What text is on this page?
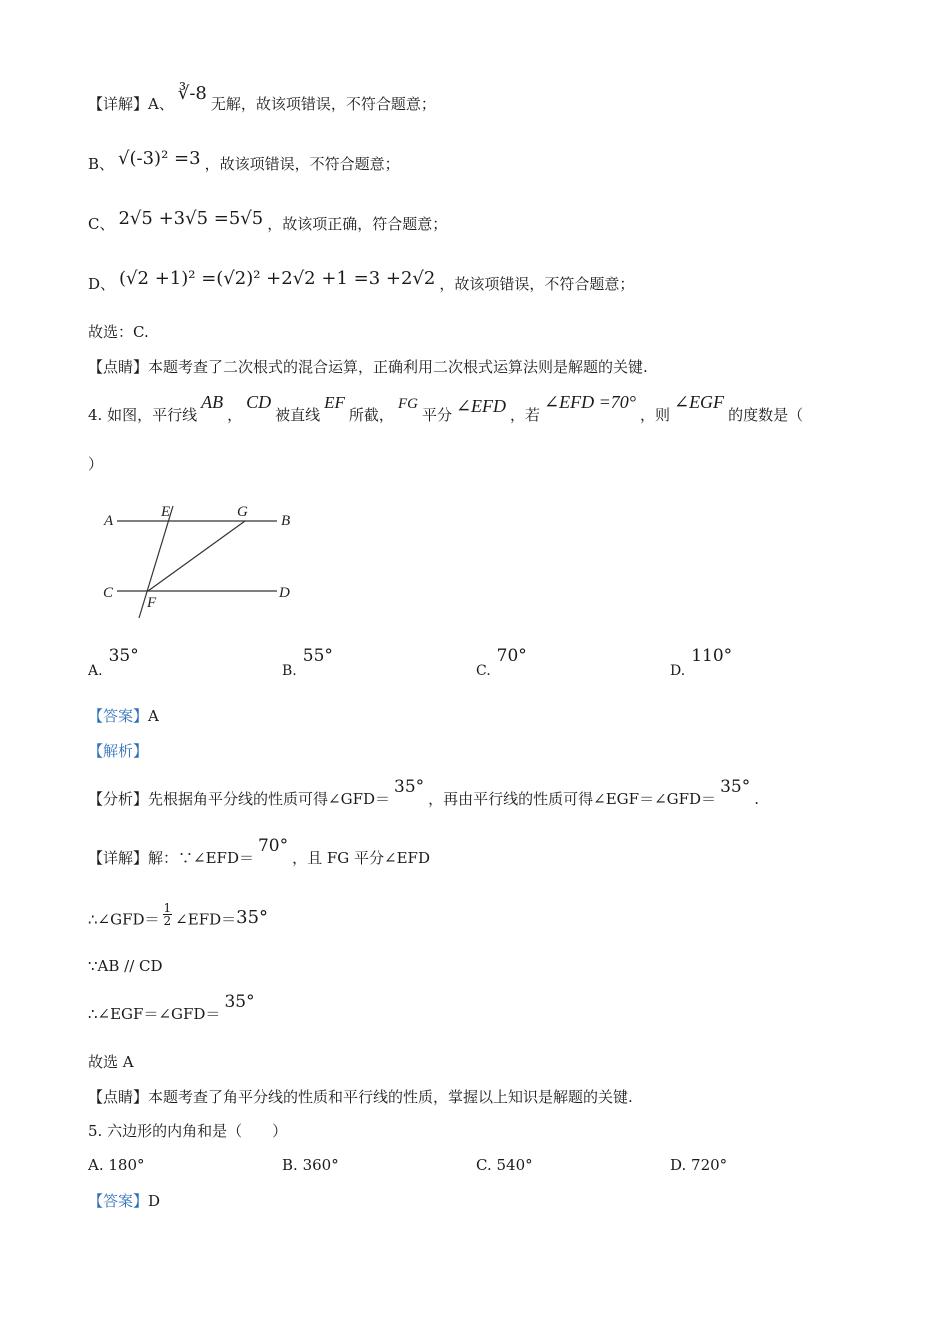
【详解】A、 ∛-8 无解，故该项错误，不符合题意；
B、 √(-3)² =3 ，故该项错误，不符合题意；
C、 2√5 +3√5 =5√5 ，故该项正确，符合题意；
D、 (√2 +1)² =(√2)² +2√2 +1 =3 +2√2 ，故该项错误，不符合题意；
故选：C.
【点睛】本题考查了二次根式的混合运算，正确利用二次根式运算法则是解题的关键.
4. 如图，平行线AB，CD被直线EF所截，FG平分 ∠EFD ，若∠EFD =70°，则∠EGF的度数是（
）
A
E	G
B
C
F
D
A.35°
B.55°
C.70°
D.110°
【答案】A
【解析】
【分析】先根据角平分线的性质可得∠GFD＝35°，再由平行线的性质可得∠EGF＝∠GFD＝35°.
【详解】解：∵∠EFD＝70°，且 FG 平分∠EFD
∴∠GFD＝ $\frac{1}{2}$ ∠EFD＝35°
∵AB // CD
∴∠EGF＝∠GFD＝35°
故选 A
【点睛】本题考查了角平分线的性质和平行线的性质，掌握以上知识是解题的关键.
5. 六边形的内角和是（　　）
A. 180°	B. 360°	C. 540°	D. 720°
【答案】D
